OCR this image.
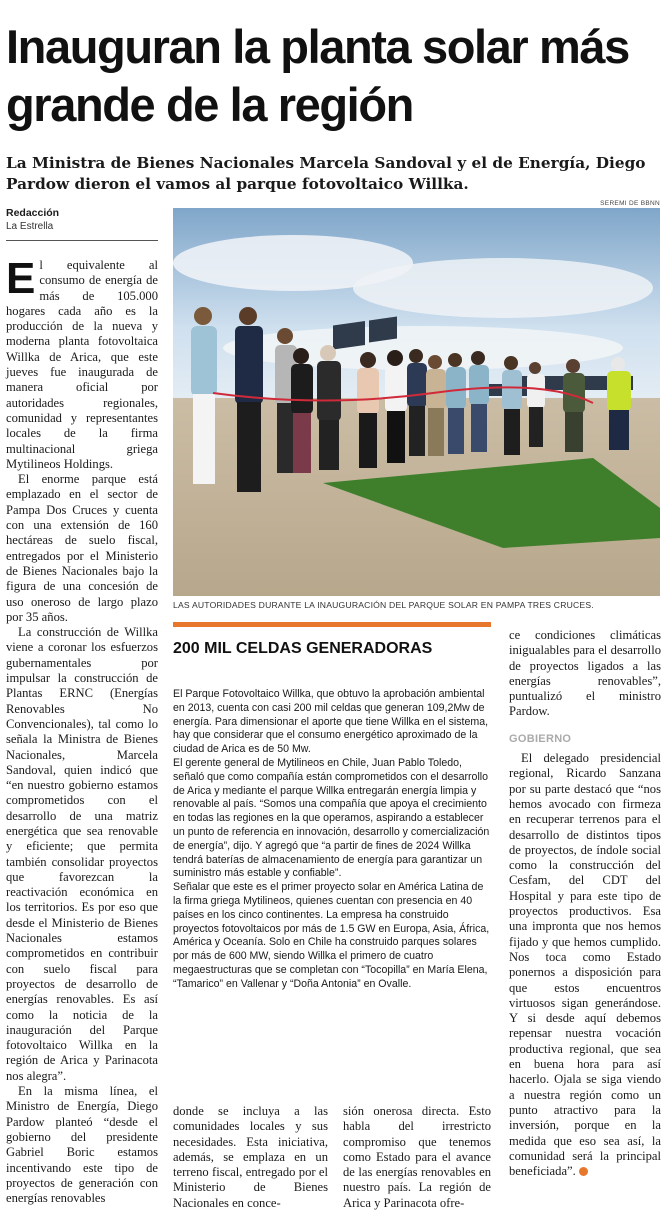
Inauguran la planta solar más grande de la región

La Ministra de Bienes Nacionales Marcela Sandoval y el de Energía, Diego Pardow dieron el vamos al parque fotovoltaico Willka.

Redacción
La Estrella

El equivalente al consumo de energía de más de 105.000 hogares cada año es la producción de la nueva y moderna planta fotovoltaica Willka de Arica, que este jueves fue inaugurada de manera oficial por autoridades regionales, comunidad y representantes locales de la firma multinacional griega Mytilineos Holdings.

El enorme parque está emplazado en el sector de Pampa Dos Cruces y cuenta con una extensión de 160 hectáreas de suelo fiscal, entregados por el Ministerio de Bienes Nacionales bajo la figura de una concesión de uso oneroso de largo plazo por 35 años.

La construcción de Willka viene a coronar los esfuerzos gubernamentales por impulsar la construcción de Plantas ERNC (Energías Renovables No Convencionales), tal como lo señala la Ministra de Bienes Nacionales, Marcela Sandoval, quien indicó que “en nuestro gobierno estamos comprometidos con el desarrollo de una matriz energética que sea renovable y eficiente; que permita también consolidar proyectos que favorezcan la reactivación económica en los territorios. Es por eso que desde el Ministerio de Bienes Nacionales estamos comprometidos en contribuir con suelo fiscal para proyectos de desarrollo de energías renovables. Es así como la noticia de la inauguración del Parque fotovoltaico Willka en la región de Arica y Parinacota nos alegra”.

En la misma línea, el Ministro de Energía, Diego Pardow planteó “desde el gobierno del presidente Gabriel Boric estamos incentivando este tipo de proyectos de generación con energías renovables

SEREMI DE BBNN
LAS AUTORIDADES DURANTE LA INAUGURACIÓN DEL PARQUE SOLAR EN PAMPA TRES CRUCES.
200 MIL CELDAS GENERADORAS

El Parque Fotovoltaico Willka, que obtuvo la aprobación ambiental en 2013, cuenta con casi 200 mil celdas que generan 109,2Mw de energía. Para dimensionar el aporte que tiene Willka en el sistema, hay que considerar que el consumo energético aproximado de la ciudad de Arica es de 50 Mw.

El gerente general de Mytilineos en Chile, Juan Pablo Toledo, señaló que como compañía están comprometidos con el desarrollo de Arica y mediante el parque Willka entregarán energía limpia y renovable al país. “Somos una compañía que apoya el crecimiento en todas las regiones en la que operamos, aspirando a establecer un punto de referencia en innovación, desarrollo y comercialización de energía”, dijo. Y agregó que “a partir de fines de 2024 Willka tendrá baterías de almacenamiento de energía para garantizar un suministro más estable y confiable”.

Señalar que este es el primer proyecto solar en América Latina de la firma griega Mytilineos, quienes cuentan con presencia en 40 países en los cinco continentes. La empresa ha construido proyectos fotovoltaicos por más de 1.5 GW en Europa, Asia, África, América y Oceanía. Solo en Chile ha construido parques solares por más de 600 MW, siendo Willka el primero de cuatro megaestructuras que se completan con “Tocopilla” en María Elena, “Tamarico” en Vallenar y “Doña Antonia” en Ovalle.

donde se incluya a las comunidades locales y sus necesidades. Esta iniciativa, además, se emplaza en un terreno fiscal, entregado por el Ministerio de Bienes Nacionales en conce-
sión onerosa directa. Esto habla del irrestricto compromiso que tenemos como Estado para el avance de las energías renovables en nuestro país. La región de Arica y Parinacota ofre-

ce condiciones climáticas inigualables para el desarrollo de proyectos ligados a las energías renovables”, puntualizó el ministro Pardow.

GOBIERNO

El delegado presidencial regional, Ricardo Sanzana por su parte destacó que “nos hemos avocado con firmeza en recuperar terrenos para el desarrollo de distintos tipos de proyectos, de índole social como la construcción del Cesfam, del CDT del Hospital y para este tipo de proyectos productivos. Esa una impronta que nos hemos fijado y que hemos cumplido. Nos toca como Estado ponernos a disposición para que estos encuentros virtuosos sigan generándose. Y si desde aquí debemos repensar nuestra vocación productiva regional, que sea en buena hora para así hacerlo. Ojala se siga viendo a nuestra región como un punto atractivo para la inversión, porque en la medida que eso sea así, la comunidad será la principal beneficiada”.
